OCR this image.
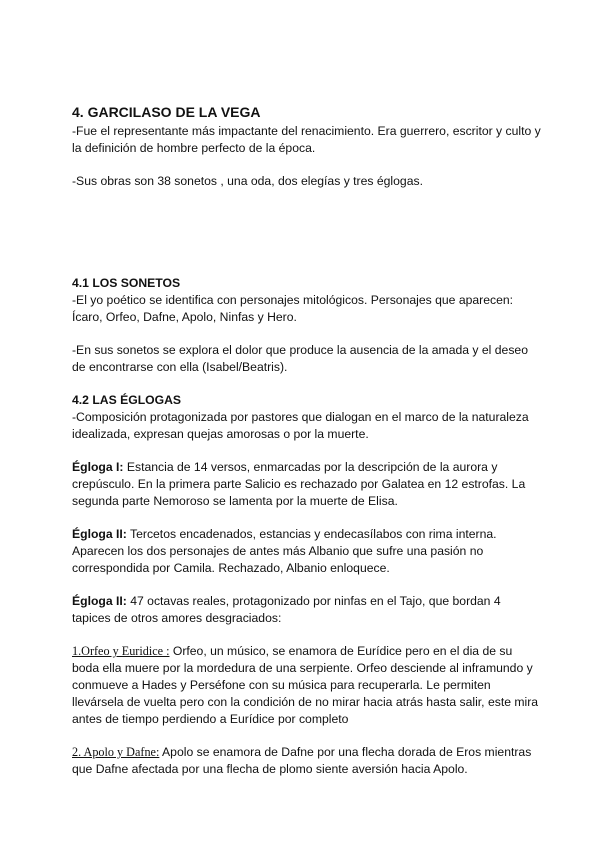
4. GARCILASO DE LA VEGA

-Fue el representante más impactante del renacimiento. Era guerrero, escritor y culto y la definición de hombre perfecto de la época.

-Sus obras son 38 sonetos , una oda, dos elegías y tres églogas.

4.1 LOS SONETOS

-El yo poético se identifica con personajes mitológicos. Personajes que aparecen: Ícaro, Orfeo, Dafne, Apolo, Ninfas y Hero.

-En sus sonetos se explora el dolor que produce la ausencia de la amada y el deseo de encontrarse con ella (Isabel/Beatris).

4.2 LAS ÉGLOGAS

-Composición protagonizada por pastores que dialogan en el marco de la naturaleza idealizada, expresan quejas amorosas o por la muerte.

Égloga I: Estancia de 14 versos, enmarcadas por la descripción de la aurora y crepúsculo. En la primera parte Salicio es rechazado por Galatea en 12 estrofas. La segunda parte Nemoroso se lamenta por la muerte de Elisa.

Égloga II: Tercetos encadenados, estancias y endecasílabos con rima interna. Aparecen los dos personajes de antes más Albanio que sufre una pasión no correspondida por Camila. Rechazado, Albanio enloquece.

Égloga II: 47 octavas reales, protagonizado por ninfas en el Tajo, que bordan 4 tapices de otros amores desgraciados:

1.Orfeo y Euridice : Orfeo, un músico, se enamora de Eurídice pero en el dia de su boda ella muere por la mordedura de una serpiente. Orfeo desciende al inframundo y conmueve a Hades y Perséfone con su música para recuperarla. Le permiten llevársela de vuelta pero con la condición de no mirar hacia atrás hasta salir, este mira antes de tiempo perdiendo a Eurídice por completo

2. Apolo y Dafne: Apolo se enamora de Dafne por una flecha dorada de Eros mientras que Dafne afectada por una flecha de plomo siente aversión hacia Apolo.
